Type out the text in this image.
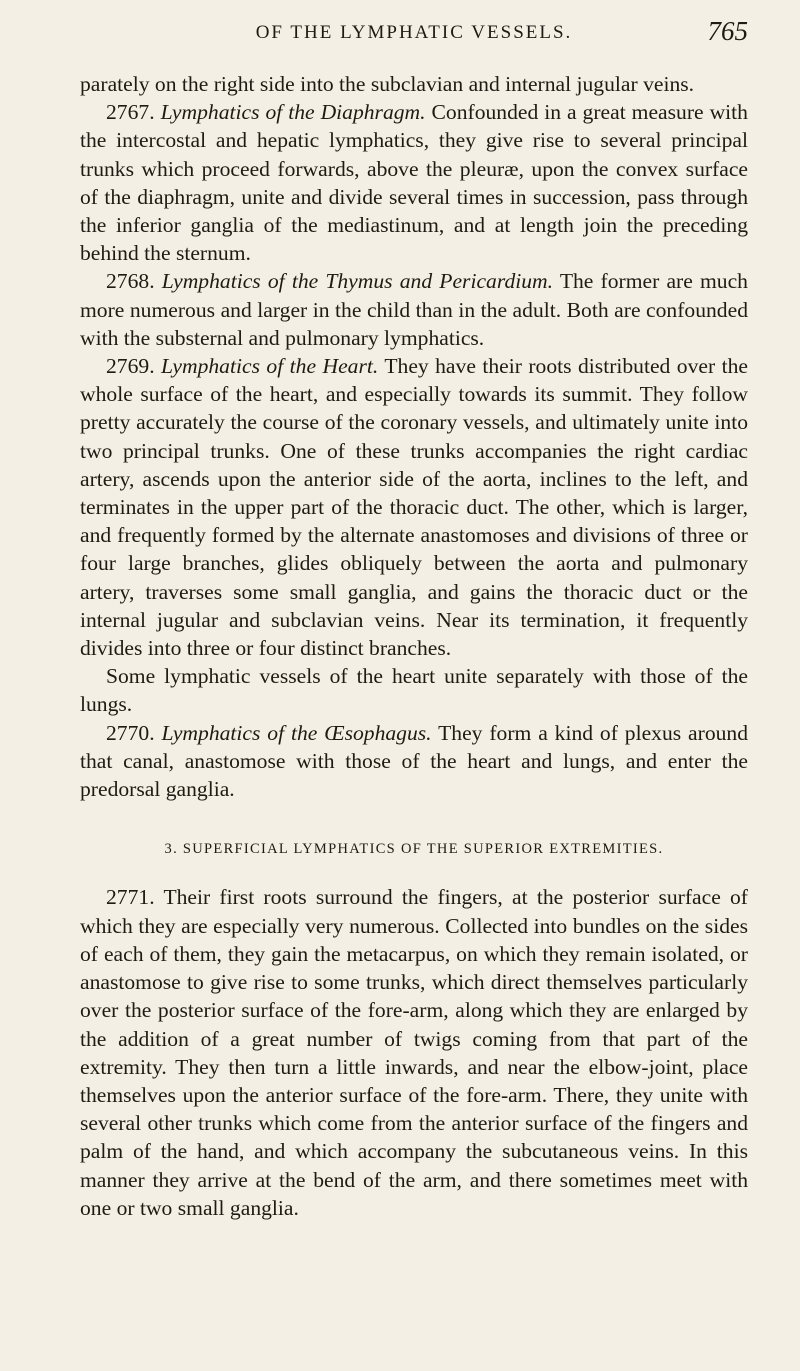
OF THE LYMPHATIC VESSELS.	765

parately on the right side into the subclavian and internal jugular veins.

2767. Lymphatics of the Diaphragm. Confounded in a great measure with the intercostal and hepatic lymphatics, they give rise to several principal trunks which proceed forwards, above the pleuræ, upon the convex surface of the diaphragm, unite and divide several times in succession, pass through the inferior ganglia of the mediastinum, and at length join the preceding behind the sternum.

2768. Lymphatics of the Thymus and Pericardium. The former are much more numerous and larger in the child than in the adult. Both are confounded with the substernal and pulmonary lymphatics.

2769. Lymphatics of the Heart. They have their roots distributed over the whole surface of the heart, and especially towards its summit. They follow pretty accurately the course of the coronary vessels, and ultimately unite into two principal trunks. One of these trunks accompanies the right cardiac artery, ascends upon the anterior side of the aorta, inclines to the left, and terminates in the upper part of the thoracic duct. The other, which is larger, and frequently formed by the alternate anastomoses and divisions of three or four large branches, glides obliquely between the aorta and pulmonary artery, traverses some small ganglia, and gains the thoracic duct or the internal jugular and subclavian veins. Near its termination, it frequently divides into three or four distinct branches.

Some lymphatic vessels of the heart unite separately with those of the lungs.

2770. Lymphatics of the Œsophagus. They form a kind of plexus around that canal, anastomose with those of the heart and lungs, and enter the predorsal ganglia.

3. SUPERFICIAL LYMPHATICS OF THE SUPERIOR EXTREMITIES.

2771. Their first roots surround the fingers, at the posterior surface of which they are especially very numerous. Collected into bundles on the sides of each of them, they gain the metacarpus, on which they remain isolated, or anastomose to give rise to some trunks, which direct themselves particularly over the posterior surface of the fore-arm, along which they are enlarged by the addition of a great number of twigs coming from that part of the extremity. They then turn a little inwards, and near the elbow-joint, place themselves upon the anterior surface of the fore-arm. There, they unite with several other trunks which come from the anterior surface of the fingers and palm of the hand, and which accompany the subcutaneous veins. In this manner they arrive at the bend of the arm, and there sometimes meet with one or two small ganglia.
